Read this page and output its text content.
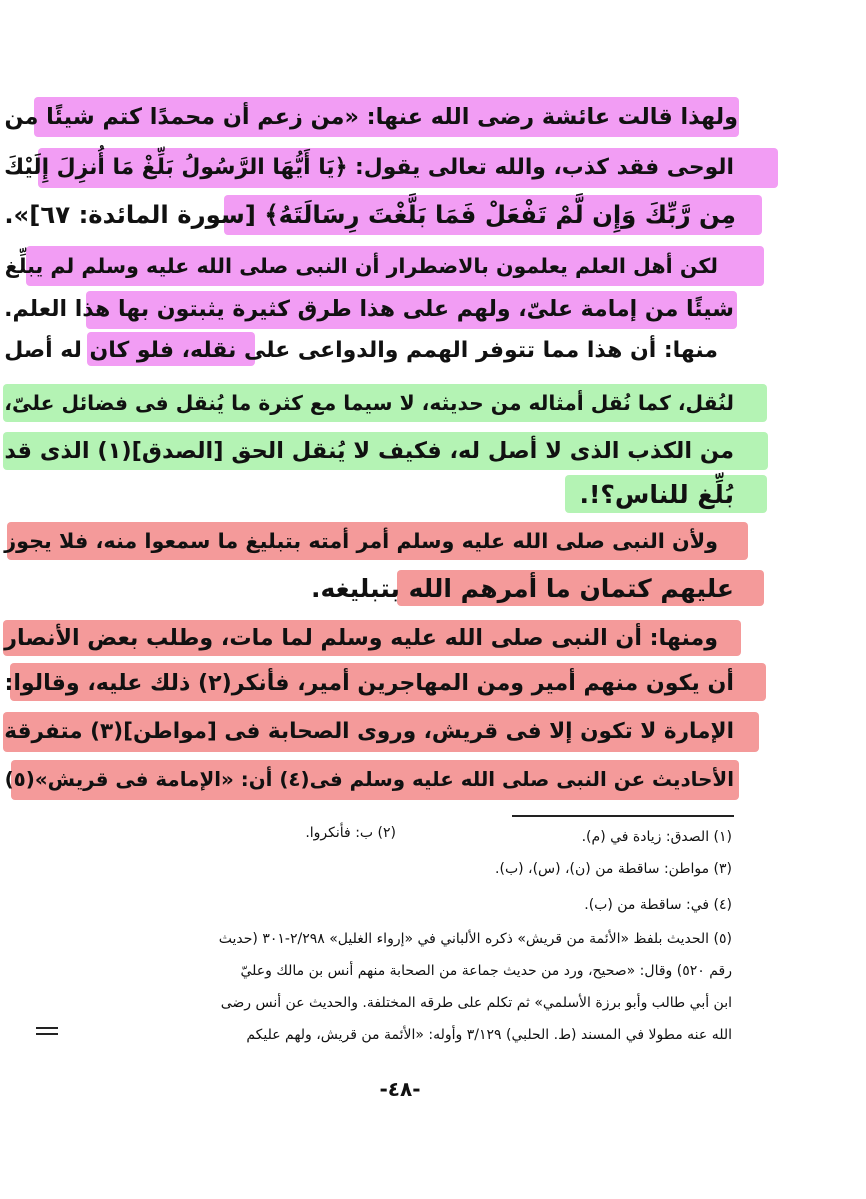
ولهذا قالت عائشة رضى الله عنها: «من زعم أن محمدًا كتم شيئًا من
الوحى فقد كذب، والله تعالى يقول: ﴿يَا أَيُّهَا الرَّسُولُ بَلِّغْ مَا أُنزِلَ إِلَيْكَ
مِن رَّبِّكَ وَإِن لَّمْ تَفْعَلْ فَمَا بَلَّغْتَ رِسَالَتَهُ﴾ [سورة المائدة: ٦٧]».
لكن أهل العلم يعلمون بالاضطرار أن النبى صلى الله عليه وسلم لم يبلِّغ
شيئًا من إمامة علىّ، ولهم على هذا طرق كثيرة يثبتون بها هذا العلم.
منها: أن هذا مما تتوفر الهمم والدواعى على نقله، فلو كان له أصل
لنُقل، كما نُقل أمثاله من حديثه، لا سيما مع كثرة ما يُنقل فى فضائل علىّ،
من الكذب الذى لا أصل له، فكيف لا يُنقل الحق [الصدق](١) الذى قد
بُلِّغ للناس؟!.
ولأن النبى صلى الله عليه وسلم أمر أمته بتبليغ ما سمعوا منه، فلا يجوز
عليهم كتمان ما أمرهم الله بتبليغه.
ومنها: أن النبى صلى الله عليه وسلم لما مات، وطلب بعض الأنصار
أن يكون منهم أمير ومن المهاجرين أمير، فأنكر(٢) ذلك عليه، وقالوا:
الإمارة لا تكون إلا فى قريش، وروى الصحابة فى [مواطن](٣) متفرقة
الأحاديث عن النبى صلى الله عليه وسلم فى(٤) أن: «الإمامة فى قريش»(٥)
(١) الصدق: زيادة في (م).
(٢) ب: فأنكروا.
(٣) مواطن: ساقطة من (ن)، (س)، (ب).
(٤) في: ساقطة من (ب).
(٥) الحديث بلفظ «الأئمة من قريش» ذكره الألباني في «إرواء الغليل» ٢/٢٩٨-٣٠١ (حديث
رقم ٥٢٠) وقال: «صحيح، ورد من حديث جماعة من الصحابة منهم أنس بن مالك وعليّ
ابن أبي طالب وأبو برزة الأسلمي» ثم تكلم على طرقه المختلفة. والحديث عن أنس رضى
الله عنه مطولا في المسند (ط. الحلبي) ٣/١٢٩ وأوله: «الأئمة من قريش، ولهم عليكم
-٤٨-
